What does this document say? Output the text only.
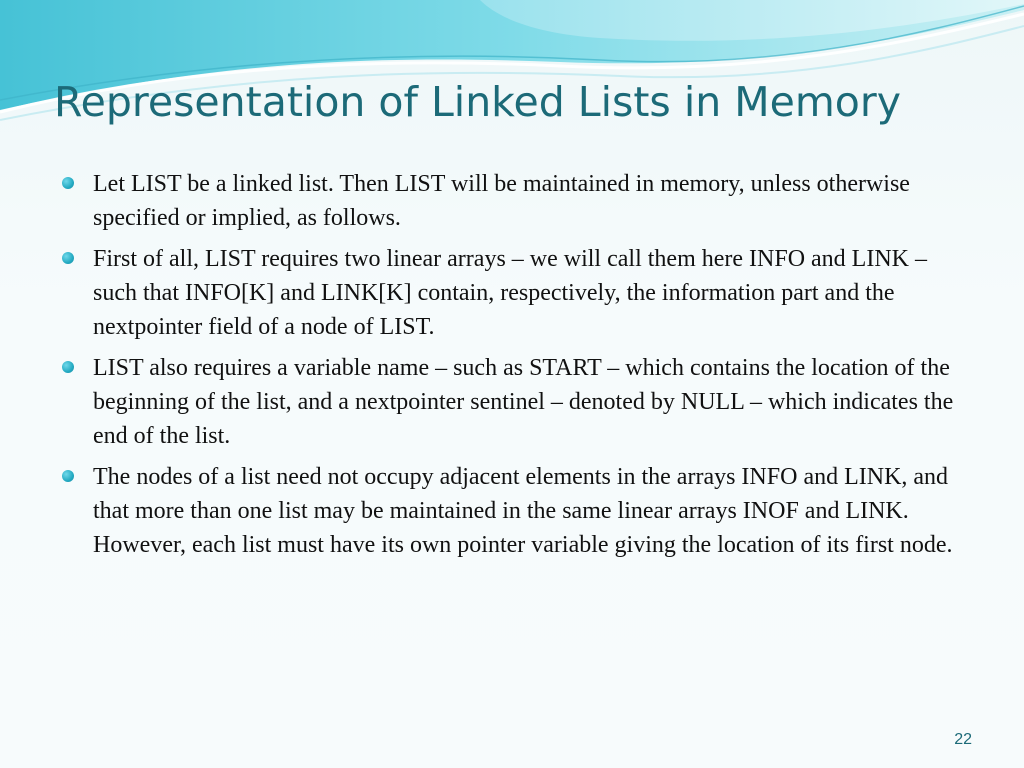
Representation of Linked Lists in Memory
Let LIST be a linked list. Then LIST will be maintained in memory, unless otherwise specified or implied, as follows.
First of all, LIST requires two linear arrays – we will call them here INFO and LINK – such that INFO[K] and LINK[K] contain, respectively, the information part and the nextpointer field of a node of LIST.
LIST also requires a variable name – such as START – which contains the location of the beginning of the list, and a nextpointer sentinel – denoted by NULL – which indicates the end of the list.
The nodes of a list need not occupy adjacent elements in the arrays INFO and LINK, and that more than one list may be maintained in the same linear arrays INOF and LINK. However, each list must have its own pointer variable giving the location of its first node.
22
